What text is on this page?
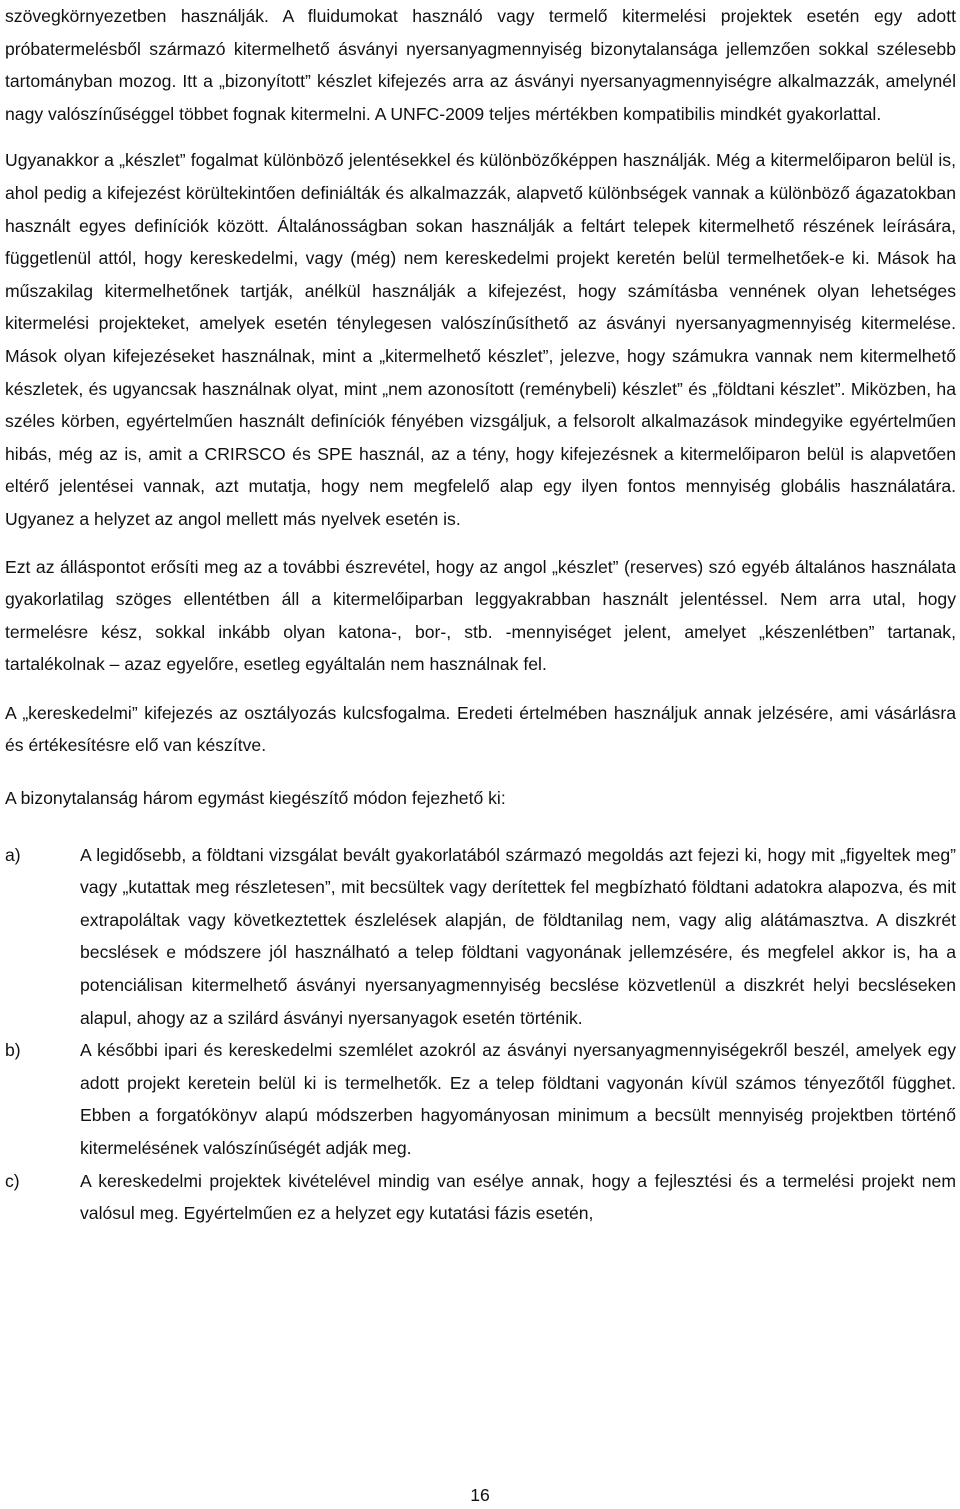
szövegkörnyezetben használják. A fluidumokat használó vagy termelő kitermelési projektek esetén egy adott próbatermelésből származó kitermelhető ásványi nyersanyagmennyiség bizonytalansága jellemzően sokkal szélesebb tartományban mozog. Itt a „bizonyított” készlet kifejezés arra az ásványi nyersanyagmennyiségre alkalmazzák, amelynél nagy valószínűséggel többet fognak kitermelni. A UNFC-2009 teljes mértékben kompatibilis mindkét gyakorlattal.

Ugyanakkor a „készlet” fogalmat különböző jelentésekkel és különbözőképpen használják. Még a kitermelőiparon belül is, ahol pedig a kifejezést körültekintően definiálták és alkalmazzák, alapvető különbségek vannak a különböző ágazatokban használt egyes definíciók között. Általánosságban sokan használják a feltárt telepek kitermelhető részének leírására, függetlenül attól, hogy kereskedelmi, vagy (még) nem kereskedelmi projekt keretén belül termelhetőek-e ki. Mások ha műszakilag kitermelhetőnek tartják, anélkül használják a kifejezést, hogy számításba vennének olyan lehetséges kitermelési projekteket, amelyek esetén ténylegesen valószínűsíthető az ásványi nyersanyagmennyiség kitermelése. Mások olyan kifejezéseket használnak, mint a „kitermelhető készlet”, jelezve, hogy számukra vannak nem kitermelhető készletek, és ugyancsak használnak olyat, mint „nem azonosított (reménybeli) készlet” és „földtani készlet”. Miközben, ha széles körben, egyértelműen használt definíciók fényében vizsgáljuk, a felsorolt alkalmazások mindegyike egyértelműen hibás, még az is, amit a CRIRSCO és SPE használ, az a tény, hogy kifejezésnek a kitermelőiparon belül is alapvetően eltérő jelentései vannak, azt mutatja, hogy nem megfelelő alap egy ilyen fontos mennyiség globális használatára. Ugyanez a helyzet az angol mellett más nyelvek esetén is.

Ezt az álláspontot erősíti meg az a további észrevétel, hogy az angol „készlet” (reserves) szó egyéb általános használata gyakorlatilag szöges ellentétben áll a kitermelőiparban leggyakrabban használt jelentéssel. Nem arra utal, hogy termelésre kész, sokkal inkább olyan katona-, bor-, stb. -mennyiséget jelent, amelyet „készenlétben” tartanak, tartalékolnak – azaz egyelőre, esetleg egyáltalán nem használnak fel.

A „kereskedelmi” kifejezés az osztályozás kulcsfogalma. Eredeti értelmében használjuk annak jelzésére, ami vásárlásra és értékesítésre elő van készítve.

A bizonytalanság három egymást kiegészítő módon fejezhető ki:

a)	A legidősebb, a földtani vizsgálat bevált gyakorlatából származó megoldás azt fejezi ki, hogy mit „figyeltek meg” vagy „kutattak meg részletesen”, mit becsültek vagy derítettek fel megbízható földtani adatokra alapozva, és mit extrapoláltak vagy következtettek észlelések alapján, de földtanilag nem, vagy alig alátámasztva. A diszkrét becslések e módszere jól használható a telep földtani vagyonának jellemzésére, és megfelel akkor is, ha a potenciálisan kitermelhető ásványi nyersanyagmennyiség becslése közvetlenül a diszkrét helyi becsléseken alapul, ahogy az a szilárd ásványi nyersanyagok esetén történik.

b)	A későbbi ipari és kereskedelmi szemlélet azokról az ásványi nyersanyagmennyiségekről beszél, amelyek egy adott projekt keretein belül ki is termelhetők. Ez a telep földtani vagyonán kívül számos tényezőtől függhet. Ebben a forgatókönyv alapú módszerben hagyományosan minimum a becsült mennyiség projektben történő kitermelésének valószínűségét adják meg.

c)	A kereskedelmi projektek kivételével mindig van esélye annak, hogy a fejlesztési és a termelési projekt nem valósul meg. Egyértelműen ez a helyzet egy kutatási fázis esetén,

16
